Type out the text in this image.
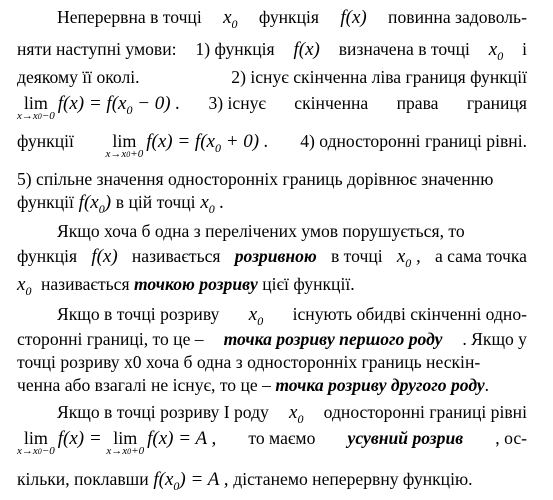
Неперервна в точці $x_0$ функція f(x) повинна задоволь-
няти наступні умови: 1) функція f(x) визначена в точці $x_0$ і
деякому її околі.	2) існує скінченна ліва границя функції
lim
x→x0−0
$f(x) = f(x_0 - 0)$ . 3) існує скінченна права границя
функції lim
x→x0+0
$f(x) = f(x_0 + 0)$ . 4) односторонні границі рівні.
5) спільне значення односторонніх границь дорівнює значенню
функції $f(x_0)$ в цій точці $x_0$ .
Якщо хоча б одна з перелічених умов порушується, то
функція f(x) називається розривною в точці $x_0$ , а сама точка
$x_0$ називається
точкою розриву
цієї функції.
Якщо в точці розриву $x_0$ існують обидві скінченні одно-
сторонні границі, то це – точка розриву першого роду . Якщо у
точці розриву x0 хоча б одна з односторонніх границь нескін-
ченна або взагалі не існує, то це –
точка розриву другого роду .
Якщо в точці розриву I роду $x_0$ односторонні границі рівні
lim
x→x0−0
f(x) = lim
x→x0+0
f(x) = A , то маємо усувний розрив , ос-
кільки, поклавши $f(x_0) = A$ , дістанемо неперервну функцію.
